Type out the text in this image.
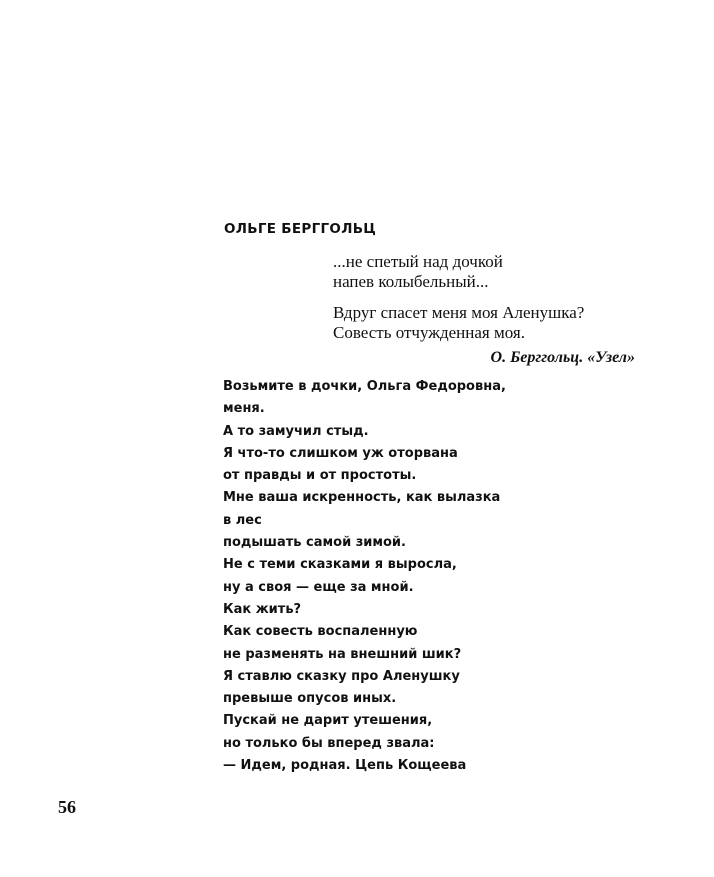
ОЛЬГЕ БЕРГГОЛЬЦ

...не спетый над дочкой
напев колыбельный...

Вдруг спасет меня моя Аленушка?
Совесть отчужденная моя.

О. Берггольц. «Узел»
Возьмите в дочки, Ольга Федоровна,
меня.
А то замучил стыд.
Я что-то слишком уж оторвана
от правды и от простоты.
Мне ваша искренность, как вылазка
в лес
подышать самой зимой.
Не с теми сказками я выросла,
ну а своя — еще за мной.
Как жить?
Как совесть воспаленную
не разменять на внешний шик?
Я ставлю сказку про Аленушку
превыше опусов иных.
Пускай не дарит утешения,
но только бы вперед звала:
— Идем, родная. Цепь Кощеева
56
